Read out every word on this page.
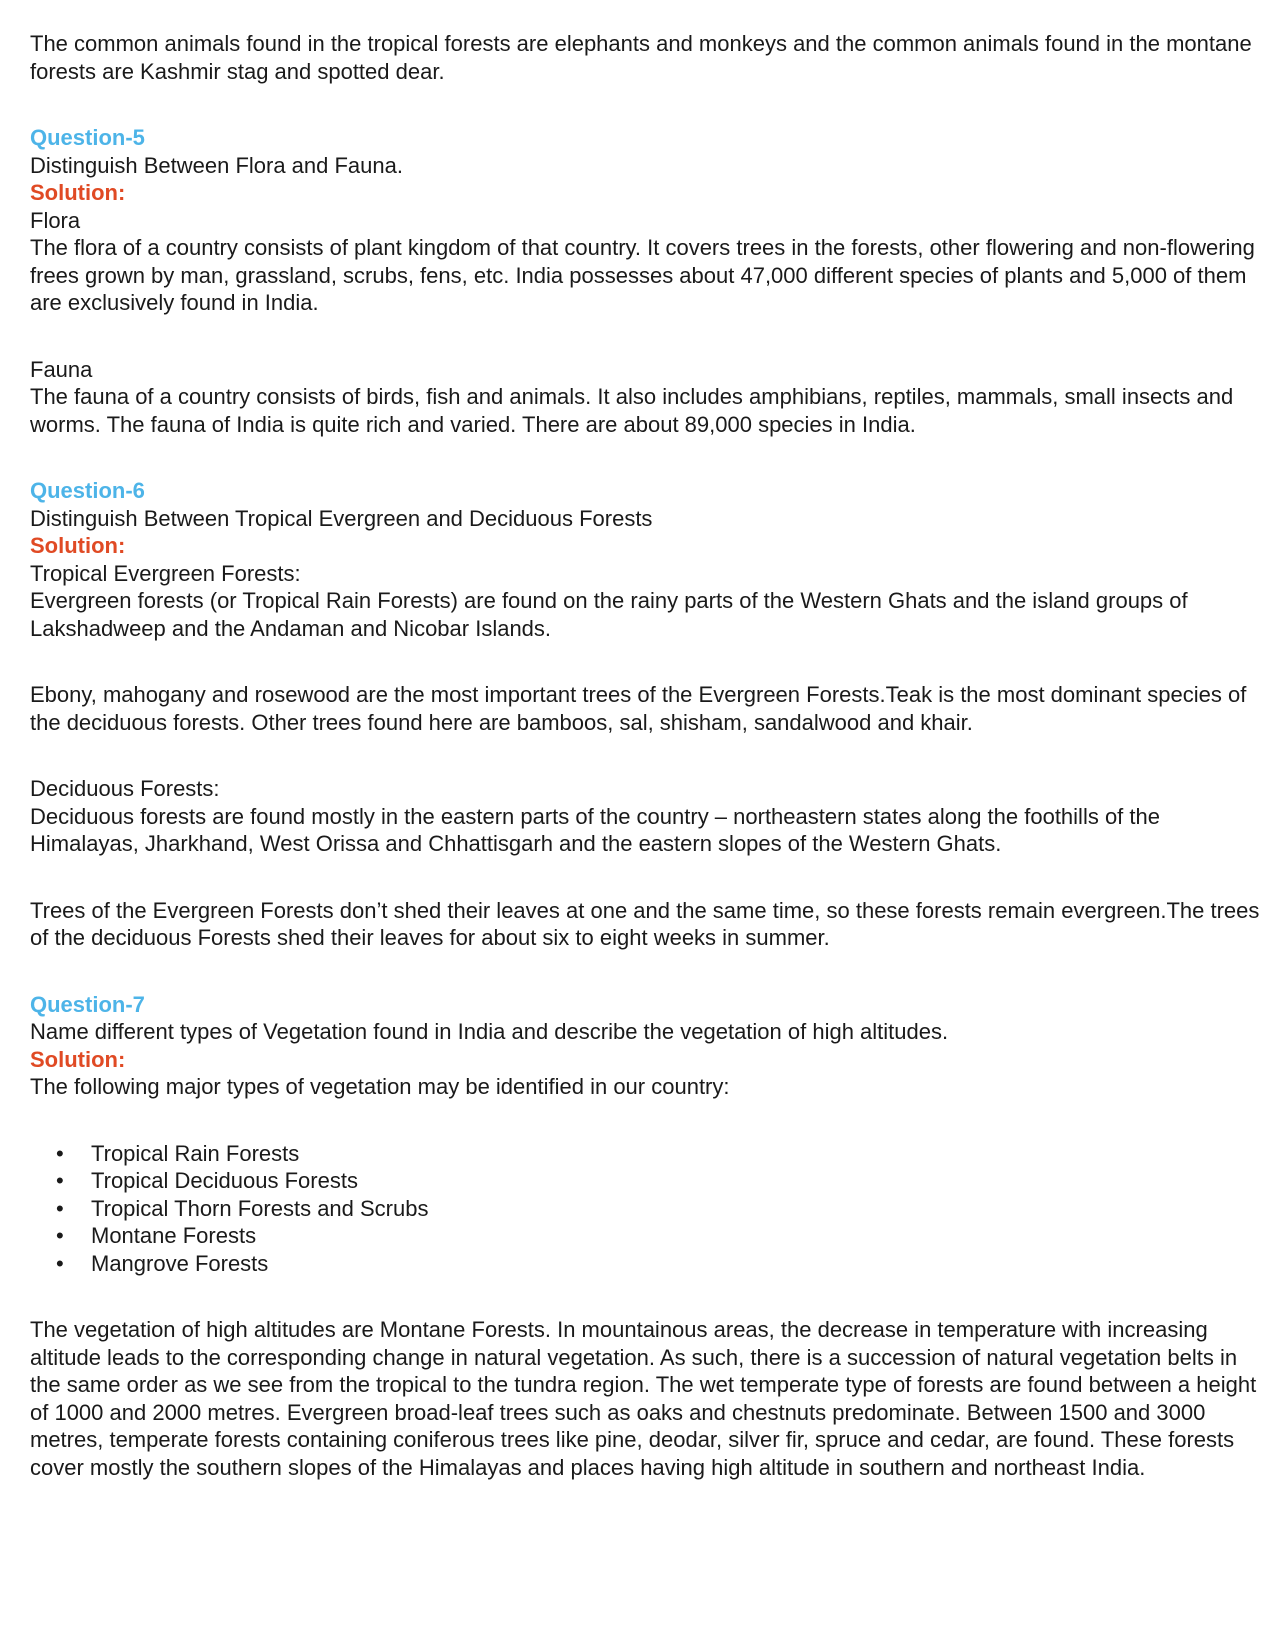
The common animals found in the tropical forests are elephants and monkeys and the common animals found in the montane forests are Kashmir stag and spotted dear.

Question-5

Distinguish Between Flora and Fauna.

Solution:

Flora

The flora of a country consists of plant kingdom of that country. It covers trees in the forests, other flowering and non-flowering frees grown by man, grassland, scrubs, fens, etc. India possesses about 47,000 different species of plants and 5,000 of them are exclusively found in India.

Fauna

The fauna of a country consists of birds, fish and animals. It also includes amphibians, reptiles, mammals, small insects and worms. The fauna of India is quite rich and varied. There are about 89,000 species in India.

Question-6

Distinguish Between Tropical Evergreen and Deciduous Forests

Solution:

Tropical Evergreen Forests:

Evergreen forests (or Tropical Rain Forests) are found on the rainy parts of the Western Ghats and the island groups of Lakshadweep and the Andaman and Nicobar Islands.

Ebony, mahogany and rosewood are the most important trees of the Evergreen Forests.Teak is the most dominant species of the deciduous forests. Other trees found here are bamboos, sal, shisham, sandalwood and khair.

Deciduous Forests:

Deciduous forests are found mostly in the eastern parts of the country – northeastern states along the foothills of the Himalayas, Jharkhand, West Orissa and Chhattisgarh and the eastern slopes of the Western Ghats.

Trees of the Evergreen Forests don’t shed their leaves at one and the same time, so these forests remain evergreen.The trees of the deciduous Forests shed their leaves for about six to eight weeks in summer.

Question-7

Name different types of Vegetation found in India and describe the vegetation of high altitudes.

Solution:

The following major types of vegetation may be identified in our country:

• Tropical Rain Forests
• Tropical Deciduous Forests
• Tropical Thorn Forests and Scrubs
• Montane Forests
• Mangrove Forests

The vegetation of high altitudes are Montane Forests. In mountainous areas, the decrease in temperature with increasing altitude leads to the corresponding change in natural vegetation. As such, there is a succession of natural vegetation belts in the same order as we see from the tropical to the tundra region. The wet temperate type of forests are found between a height of 1000 and 2000 metres. Evergreen broad-leaf trees such as oaks and chestnuts predominate. Between 1500 and 3000 metres, temperate forests containing coniferous trees like pine, deodar, silver fir, spruce and cedar, are found. These forests cover mostly the southern slopes of the Himalayas and places having high altitude in southern and northeast India.
